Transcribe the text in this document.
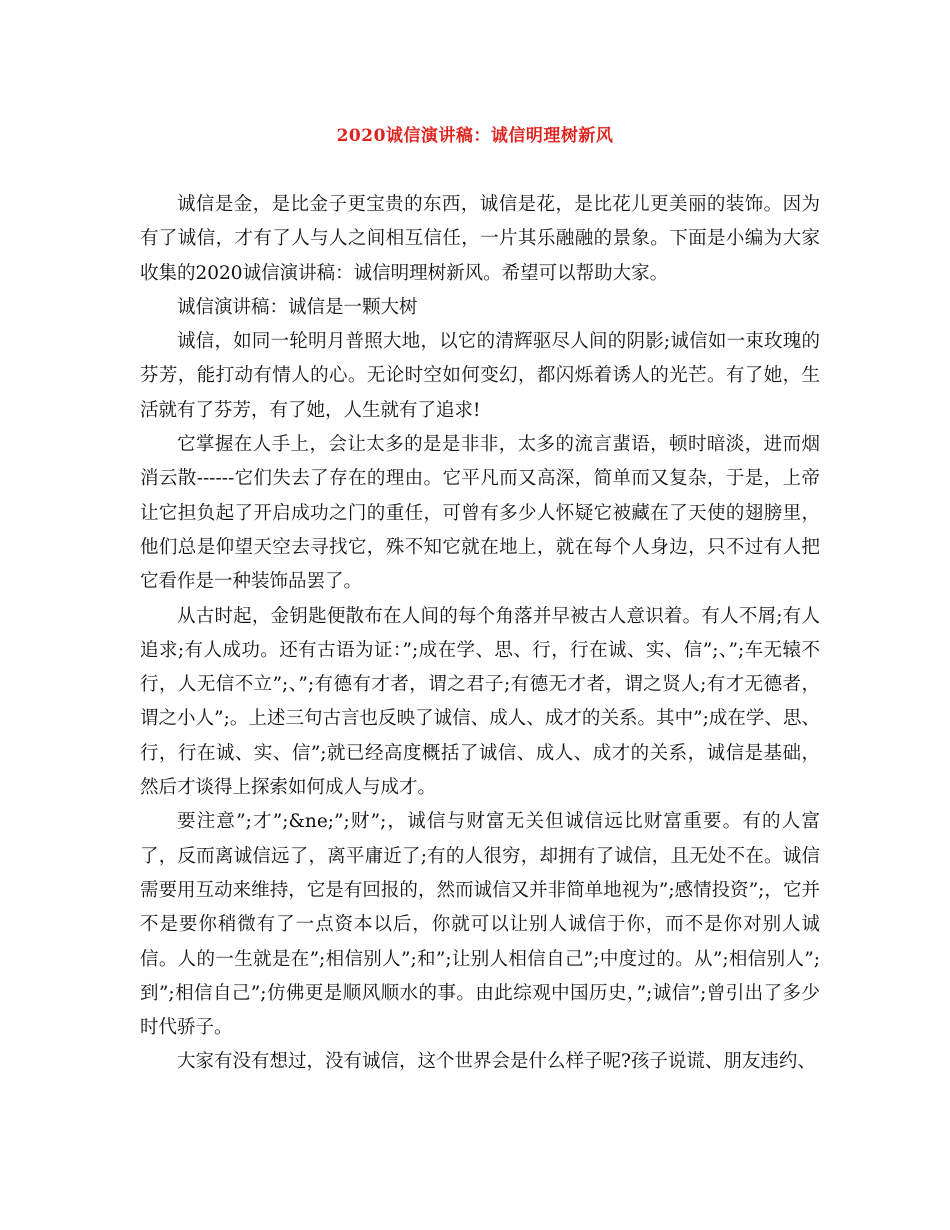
2020诚信演讲稿：诚信明理树新风

诚信是金，是比金子更宝贵的东西，诚信是花，是比花儿更美丽的装饰。因为有了诚信，才有了人与人之间相互信任，一片其乐融融的景象。下面是小编为大家收集的2020诚信演讲稿：诚信明理树新风。希望可以帮助大家。

诚信演讲稿：诚信是一颗大树

诚信，如同一轮明月普照大地，以它的清辉驱尽人间的阴影;诚信如一束玫瑰的芬芳，能打动有情人的心。无论时空如何变幻，都闪烁着诱人的光芒。有了她，生活就有了芬芳，有了她，人生就有了追求!

它掌握在人手上，会让太多的是是非非，太多的流言蜚语，顿时暗淡，进而烟消云散------它们失去了存在的理由。它平凡而又高深，简单而又复杂，于是，上帝让它担负起了开启成功之门的重任，可曾有多少人怀疑它被藏在了天使的翅膀里，他们总是仰望天空去寻找它，殊不知它就在地上，就在每个人身边，只不过有人把它看作是一种装饰品罢了。

从古时起，金钥匙便散布在人间的每个角落并早被古人意识着。有人不屑;有人追求;有人成功。还有古语为证：”;成在学、思、行，行在诚、实、信”;、”;车无辕不行，人无信不立”;、”;有德有才者，谓之君子;有德无才者，谓之贤人;有才无德者，谓之小人”;。上述三句古言也反映了诚信、成人、成才的关系。其中”;成在学、思、行，行在诚、实、信”;就已经高度概括了诚信、成人、成才的关系，诚信是基础，然后才谈得上探索如何成人与成才。

要注意”;才”;&ne;”;财”;，诚信与财富无关但诚信远比财富重要。有的人富了，反而离诚信远了，离平庸近了;有的人很穷，却拥有了诚信，且无处不在。诚信需要用互动来维持，它是有回报的，然而诚信又并非简单地视为”;感情投资”;，它并不是要你稍微有了一点资本以后，你就可以让别人诚信于你，而不是你对别人诚信。人的一生就是在”;相信别人”;和”;让别人相信自己”;中度过的。从”;相信别人”;到”;相信自己”;仿佛更是顺风顺水的事。由此综观中国历史，”;诚信”;曾引出了多少时代骄子。

大家有没有想过，没有诚信，这个世界会是什么样子呢?孩子说谎、朋友违约、
